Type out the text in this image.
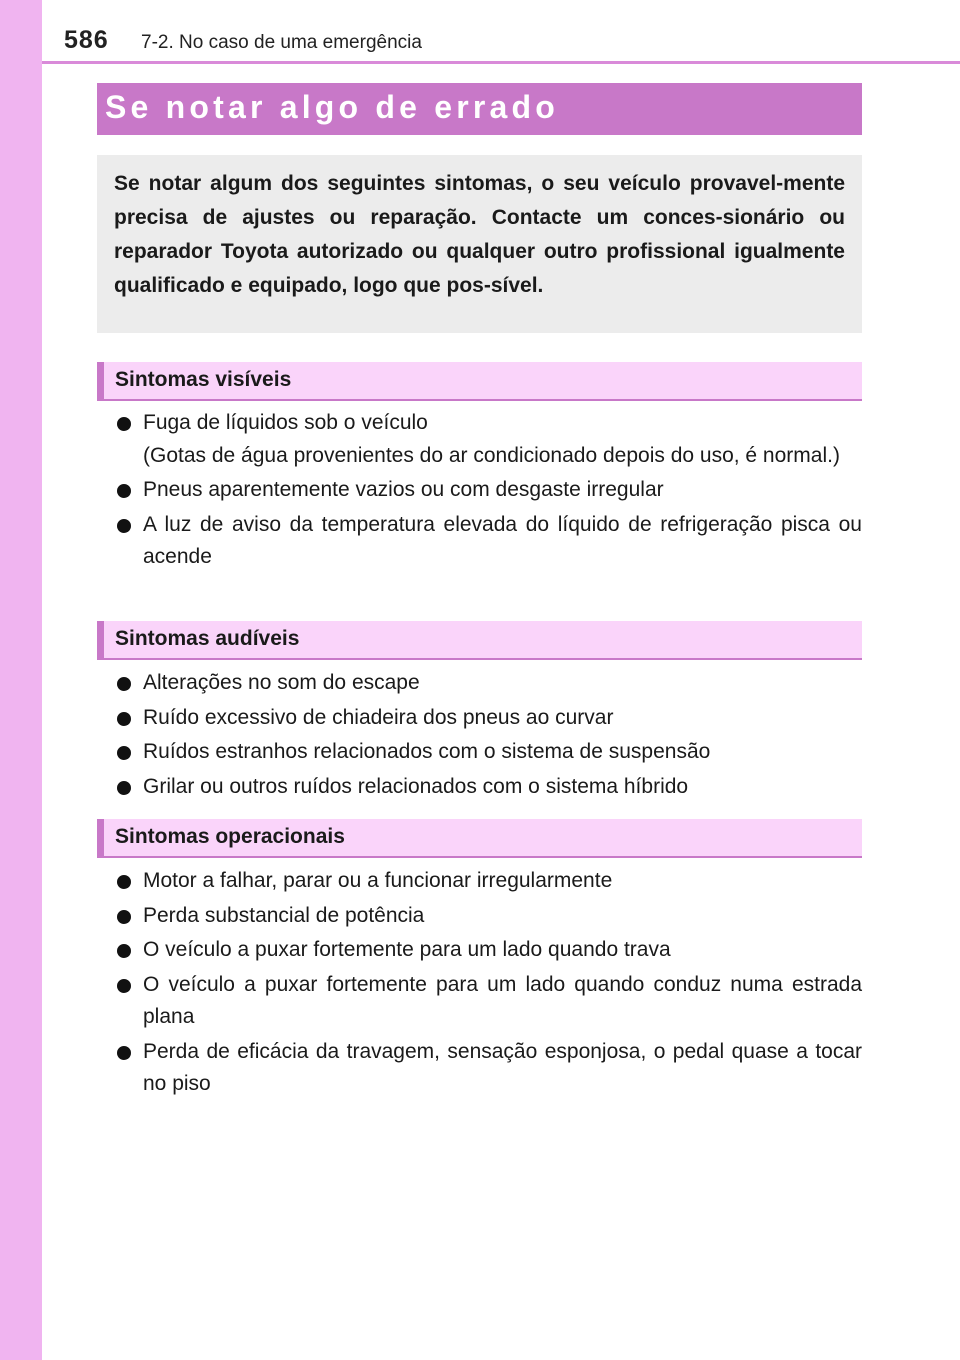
586 7-2. No caso de uma emergência
Se notar algo de errado

Se notar algum dos seguintes sintomas, o seu veículo provavel-mente precisa de ajustes ou reparação. Contacte um conces-sionário ou reparador Toyota autorizado ou qualquer outro profissional igualmente qualificado e equipado, logo que pos-sível.

Sintomas visíveis
Fuga de líquidos sob o veículo
(Gotas de água provenientes do ar condicionado depois do uso, é normal.)
Pneus aparentemente vazios ou com desgaste irregular
A luz de aviso da temperatura elevada do líquido de refrigeração pisca ou acende
Sintomas audíveis
Alterações no som do escape
Ruído excessivo de chiadeira dos pneus ao curvar
Ruídos estranhos relacionados com o sistema de suspensão
Grilar ou outros ruídos relacionados com o sistema híbrido
Sintomas operacionais
Motor a falhar, parar ou a funcionar irregularmente
Perda substancial de potência
O veículo a puxar fortemente para um lado quando trava
O veículo a puxar fortemente para um lado quando conduz numa estrada plana
Perda de eficácia da travagem, sensação esponjosa, o pedal quase a tocar no piso
